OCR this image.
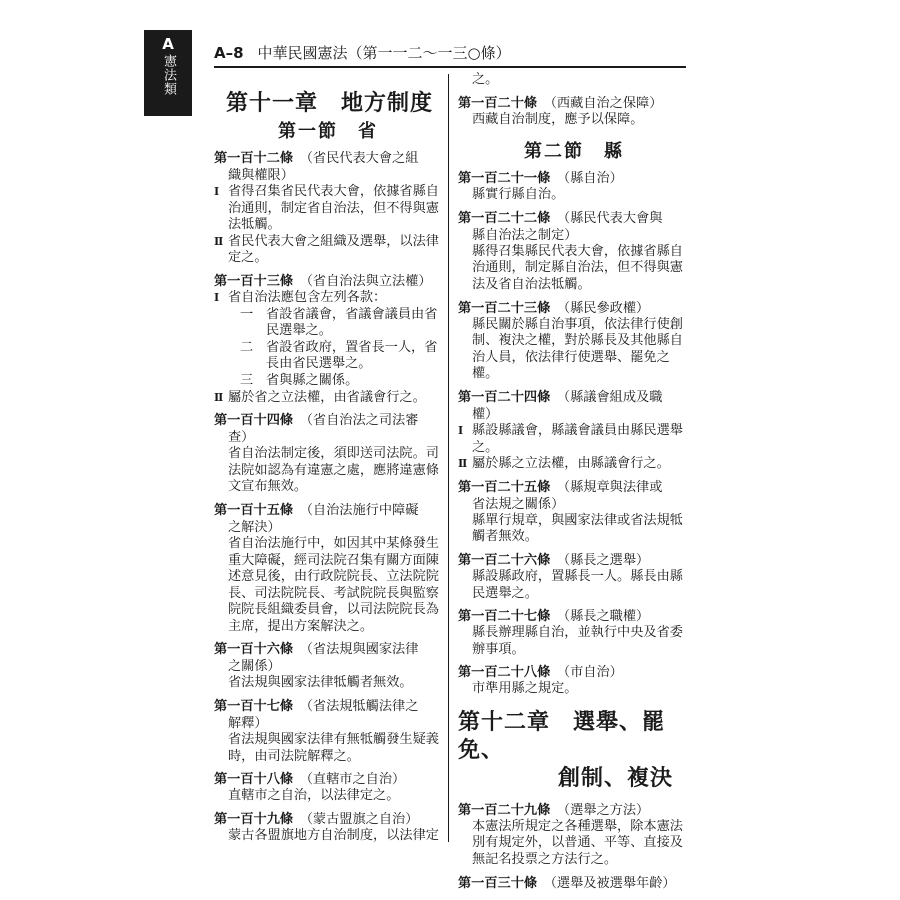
A
憲法類
A–8 中華民國憲法（第一一二～一三○條）
第十一章　地方制度
第一節　省
第一百十二條　 （省民代表大會之組
織與權限）
Ⅰ 省得召集省民代表大會，依據省縣自
治通則，制定省自治法，但不得與憲
法牴觸。
Ⅱ 省民代表大會之組織及選舉，以法律
定之。
第一百十三條　 （省自治法與立法權）
Ⅰ 省自治法應包含左列各款：
一 省設省議會，省議會議員由省
民選舉之。
二 省設省政府，置省長一人，省
長由省民選舉之。
三 省與縣之關係。
Ⅱ 屬於省之立法權，由省議會行之。
第一百十四條　 （省自治法之司法審
查）
省自治法制定後，須即送司法院。司
法院如認為有違憲之處，應將違憲條
文宣布無效。
第一百十五條　 （自治法施行中障礙
之解決）
省自治法施行中，如因其中某條發生
重大障礙，經司法院召集有關方面陳
述意見後，由行政院院長、立法院院
長、司法院院長、考試院院長與監察
院院長組織委員會，以司法院院長為
主席，提出方案解決之。
第一百十六條　 （省法規與國家法律
之關係）
省法規與國家法律牴觸者無效。
第一百十七條　 （省法規牴觸法律之
解釋）
省法規與國家法律有無牴觸發生疑義
時，由司法院解釋之。
第一百十八條　 （直轄市之自治）
直轄市之自治，以法律定之。
第一百十九條　 （蒙古盟旗之自治）
蒙古各盟旗地方自治制度，以法律定
之。
第一百二十條　 （西藏自治之保障）
西藏自治制度，應予以保障。
第二節　縣
第一百二十一條　 （縣自治）
縣實行縣自治。
第一百二十二條　 （縣民代表大會與
縣自治法之制定）
縣得召集縣民代表大會，依據省縣自
治通則，制定縣自治法，但不得與憲
法及省自治法牴觸。
第一百二十三條　 （縣民參政權）
縣民關於縣自治事項，依法律行使創
制、複決之權，對於縣長及其他縣自
治人員，依法律行使選舉、罷免之權。
第一百二十四條　 （縣議會組成及職
權）
Ⅰ 縣設縣議會，縣議會議員由縣民選舉
之。
Ⅱ 屬於縣之立法權，由縣議會行之。
第一百二十五條　 （縣規章與法律或
省法規之關係）
縣單行規章，與國家法律或省法規牴
觸者無效。
第一百二十六條　 （縣長之選舉）
縣設縣政府，置縣長一人。縣長由縣
民選舉之。
第一百二十七條　 （縣長之職權）
縣長辦理縣自治，並執行中央及省委
辦事項。
第一百二十八條　 （市自治）
市準用縣之規定。
第十二章　選舉、罷免、
創制、複決
第一百二十九條　 （選舉之方法）
本憲法所規定之各種選舉，除本憲法
別有規定外，以普通、平等、直接及
無記名投票之方法行之。
第一百三十條　 （選舉及被選舉年齡）
